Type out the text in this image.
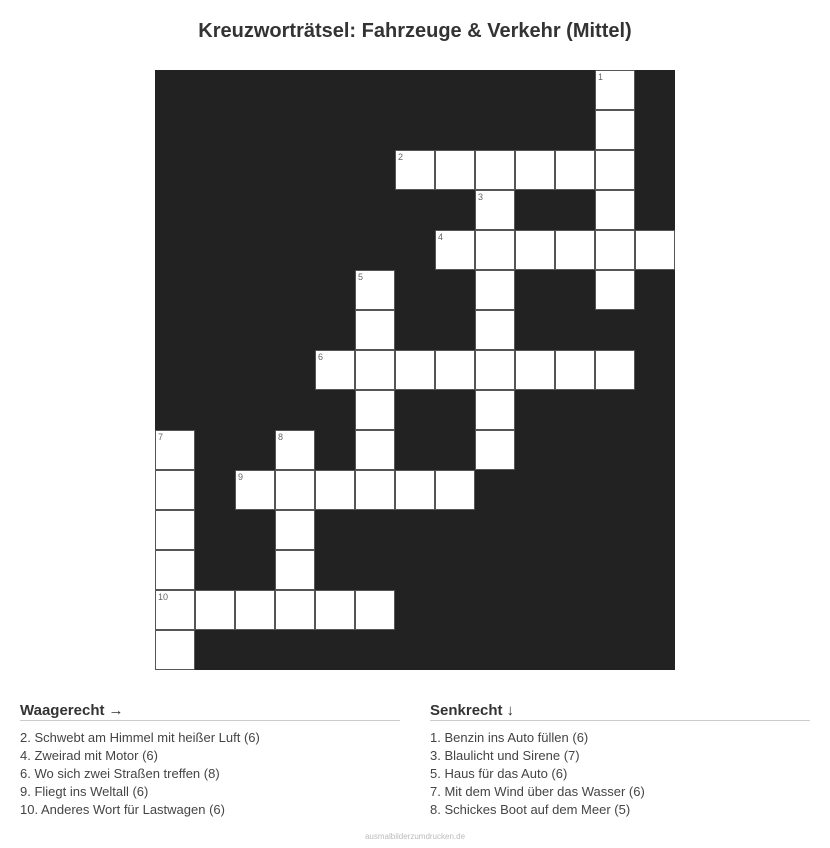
Kreuzworträtsel: Fahrzeuge & Verkehr (Mittel)
1
2
3
4
5
6
7
10
8
9
Waagerecht →
2. Schwebt am Himmel mit heißer Luft (6)
4. Zweirad mit Motor (6)
6. Wo sich zwei Straßen treffen (8)
9. Fliegt ins Weltall (6)
10. Anderes Wort für Lastwagen (6)
Senkrecht ↓
1. Benzin ins Auto füllen (6)
3. Blaulicht und Sirene (7)
5. Haus für das Auto (6)
7. Mit dem Wind über das Wasser (6)
8. Schickes Boot auf dem Meer (5)
ausmalbilderzumdrucken.de
